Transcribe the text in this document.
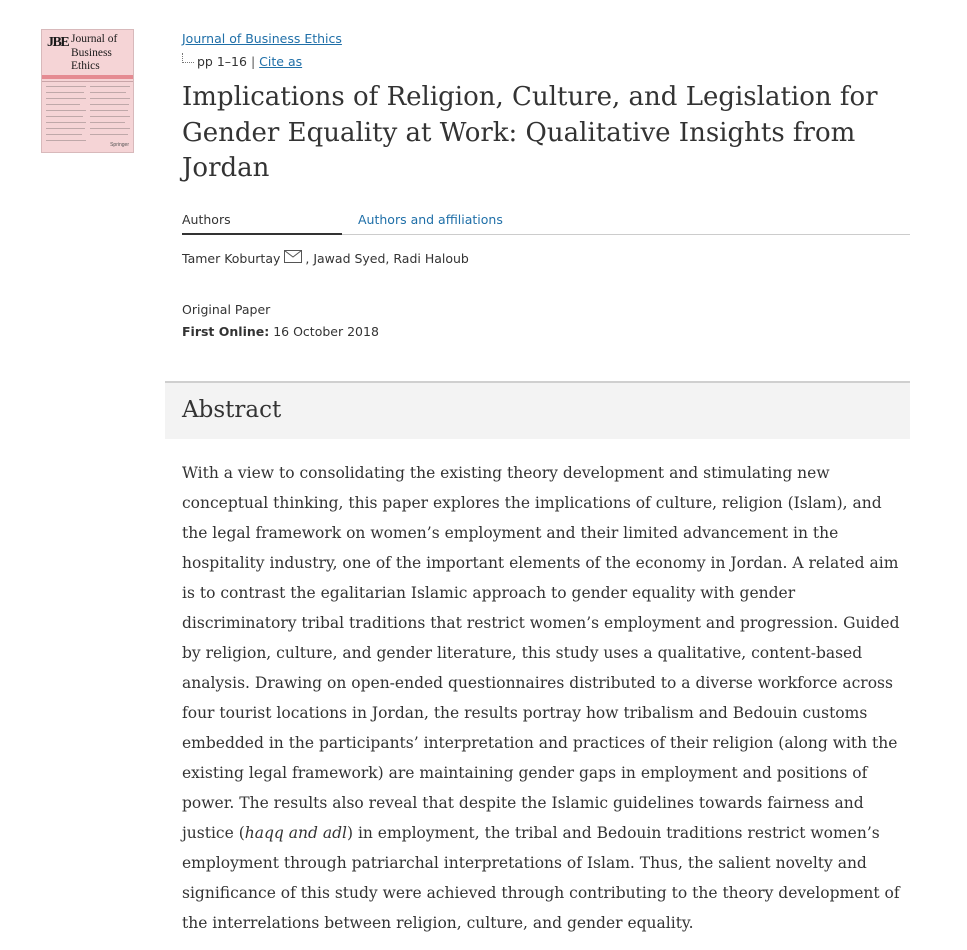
JBE Journal of Business Ethics
Springer
Journal of Business Ethics
pp 1–16 | Cite as
Implications of Religion, Culture, and Legislation for Gender Equality at Work: Qualitative Insights from Jordan
Authors	Authors and affiliations
Tamer Koburtay , Jawad Syed, Radi Haloub
Original Paper
First Online: 16 October 2018
Abstract

With a view to consolidating the existing theory development and stimulating new conceptual thinking, this paper explores the implications of culture, religion (Islam), and the legal framework on women’s employment and their limited advancement in the hospitality industry, one of the important elements of the economy in Jordan. A related aim is to contrast the egalitarian Islamic approach to gender equality with gender discriminatory tribal traditions that restrict women’s employment and progression. Guided by religion, culture, and gender literature, this study uses a qualitative, content-based analysis. Drawing on open-ended questionnaires distributed to a diverse workforce across four tourist locations in Jordan, the results portray how tribalism and Bedouin customs embedded in the participants’ interpretation and practices of their religion (along with the existing legal framework) are maintaining gender gaps in employment and positions of power. The results also reveal that despite the Islamic guidelines towards fairness and justice (haqq and adl) in employment, the tribal and Bedouin traditions restrict women’s employment through patriarchal interpretations of Islam. Thus, the salient novelty and significance of this study were achieved through contributing to the theory development of the interrelations between religion, culture, and gender equality.
